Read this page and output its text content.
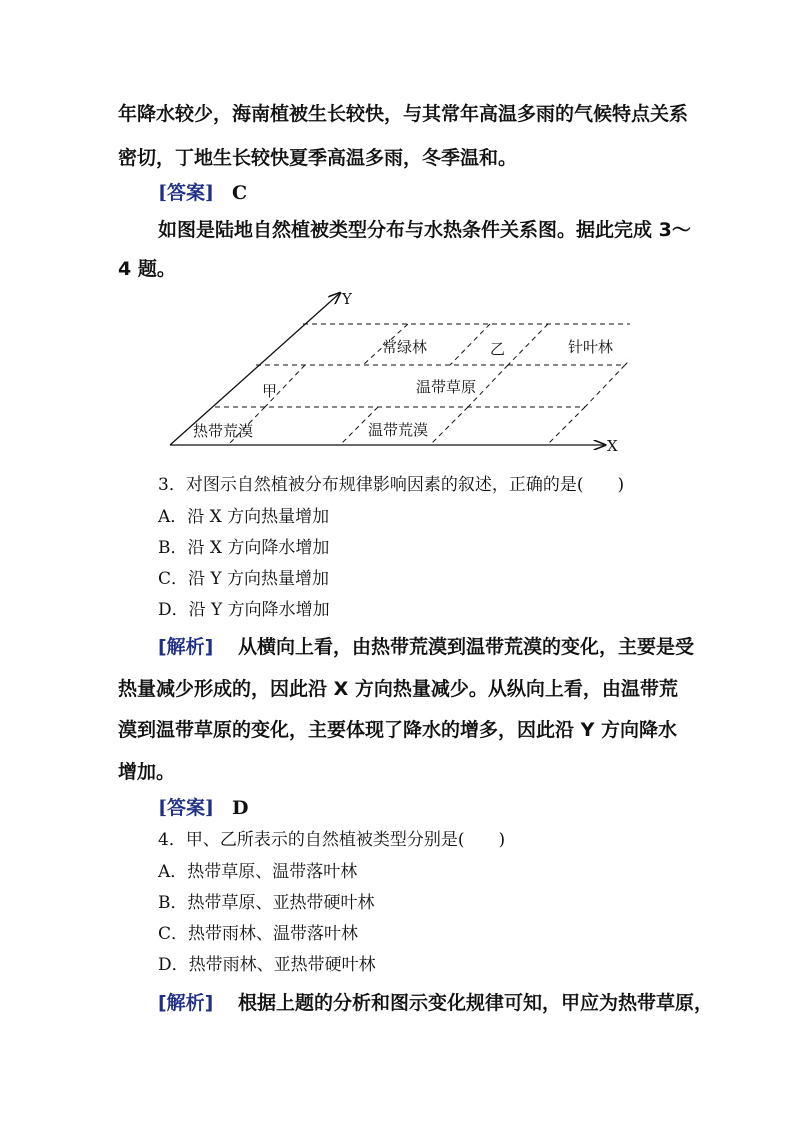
年降水较少，海南植被生长较快，与其常年高温多雨的气候特点关系
密切，丁地生长较快夏季高温多雨，冬季温和。
[答案] C
如图是陆地自然植被类型分布与水热条件关系图。据此完成 3～
4 题。
Y
X
常绿林	乙	针叶林
甲	温带草原
热带荒漠	温带荒漠
3．对图示自然植被分布规律影响因素的叙述，正确的是(　　)
A．沿 X 方向热量增加
B．沿 X 方向降水增加
C．沿 Y 方向热量增加
D．沿 Y 方向降水增加
[解析] 从横向上看，由热带荒漠到温带荒漠的变化，主要是受
热量减少形成的，因此沿 X 方向热量减少。从纵向上看，由温带荒
漠到温带草原的变化，主要体现了降水的增多，因此沿 Y 方向降水
增加。
[答案] D
4．甲、乙所表示的自然植被类型分别是(　　)
A．热带草原、温带落叶林
B．热带草原、亚热带硬叶林
C．热带雨林、温带落叶林
D．热带雨林、亚热带硬叶林
[解析] 根据上题的分析和图示变化规律可知，甲应为热带草原，
